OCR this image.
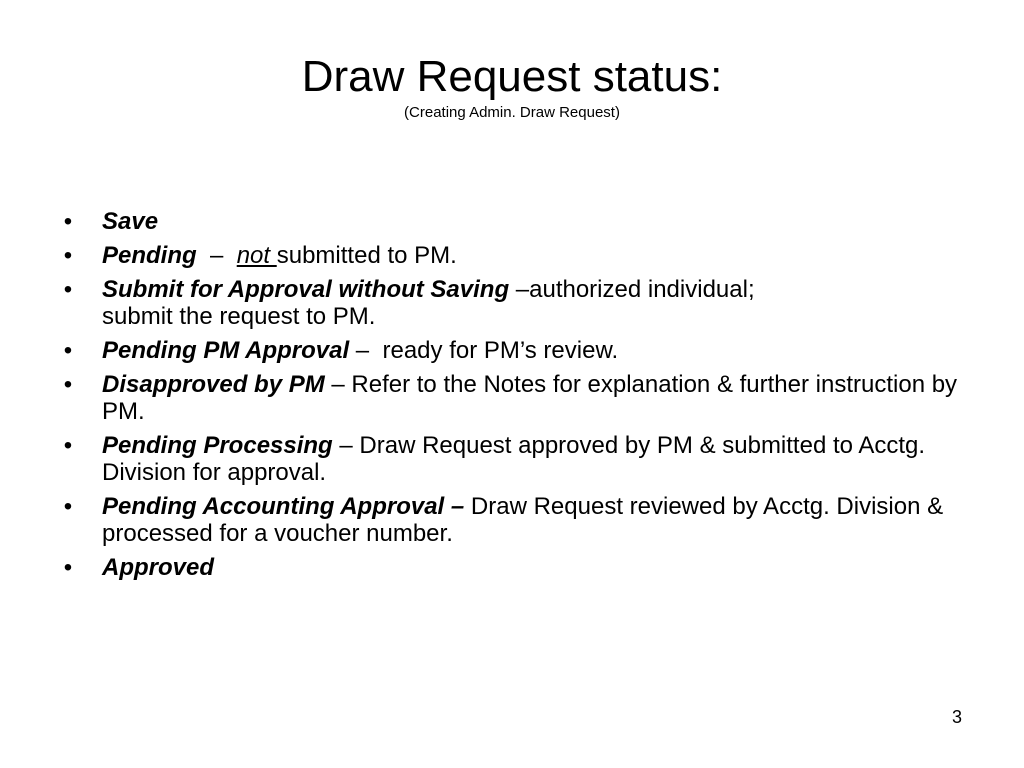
Draw Request status:
(Creating Admin. Draw Request)
• Save
• Pending  –  not submitted to PM.
• Submit for Approval without Saving –authorized individual;
submit the request to PM.
• Pending PM Approval –  ready for PM’s review.
• Disapproved by PM – Refer to the Notes for explanation & further instruction by PM.
• Pending Processing – Draw Request approved by PM & submitted to Acctg. Division for approval.
• Pending Accounting Approval – Draw Request reviewed by Acctg. Division & processed for a voucher number.
• Approved
3
